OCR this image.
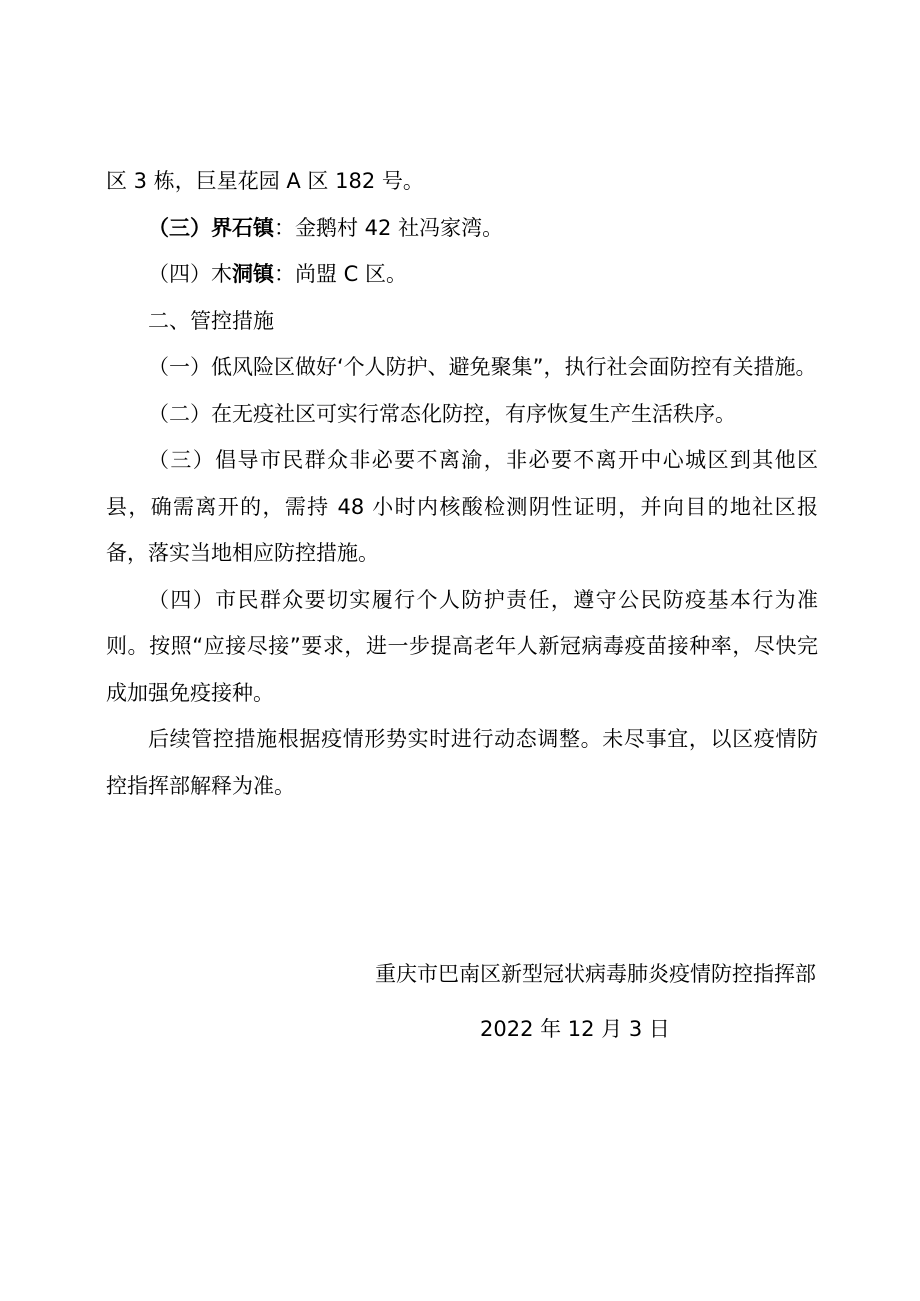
区 3 栋，巨星花园 A 区 182 号。

（三）界石镇：金鹅村 42 社冯家湾。

（四）木洞镇：尚盟 C 区。

二、管控措施

（一）低风险区做好‘个人防护、避免聚集”，执行社会面防控有关措施。

（二）在无疫社区可实行常态化防控，有序恢复生产生活秩序。

（三）倡导市民群众非必要不离渝，非必要不离开中心城区到其他区县，确需离开的，需持 48 小时内核酸检测阴性证明，并向目的地社区报备，落实当地相应防控措施。

（四）市民群众要切实履行个人防护责任，遵守公民防疫基本行为准则。按照“应接尽接”要求，进一步提高老年人新冠病毒疫苗接种率，尽快完成加强免疫接种。

后续管控措施根据疫情形势实时进行动态调整。未尽事宜，以区疫情防控指挥部解释为准。

重庆市巴南区新型冠状病毒肺炎疫情防控指挥部
2022 年 12 月 3 日
